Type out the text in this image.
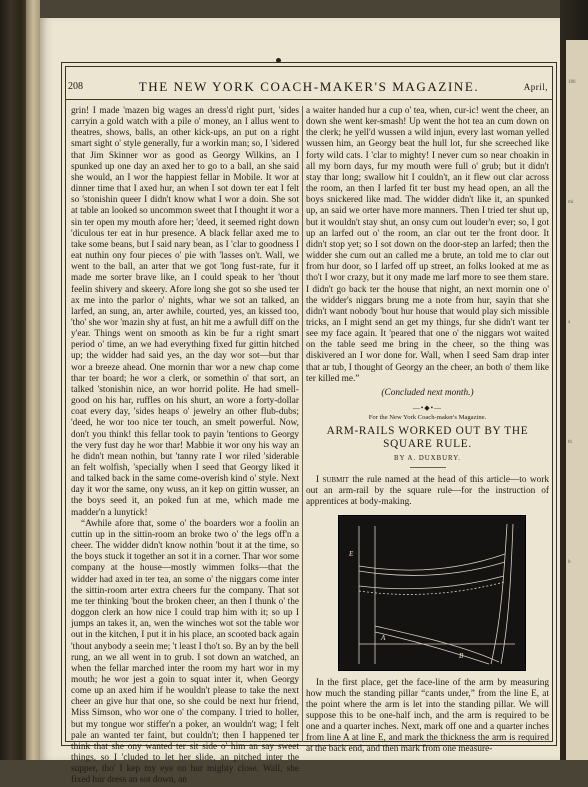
186
mi
a
th
b
208	THE NEW YORK COACH-MAKER'S MAGAZINE.	April,

grin! I made 'mazen big wages an dress'd right purt, 'sides carryin a gold watch with a pile o' money, an I allus went to theatres, shows, balls, an other kick-ups, an put on a right smart sight o' style generally, fur a workin man; so, I 'sidered that Jim Skinner wor as good as Georgy Wilkins, an I spunked up one day an axed her to go to a ball, an she said she would, an I wor the happiest fellar in Mobile. It wor at dinner time that I axed hur, an when I sot down ter eat I felt so 'stonishin queer I didn't know what I wor a doin. She sot at table an looked so uncommon sweet that I thought it wor a sin ter open my mouth afore her; 'deed, it seemed right down 'diculous ter eat in hur presence. A black fellar axed me to take some beans, but I said nary bean, as I 'clar to goodness I eat nuthin ony four pieces o' pie with 'lasses on't. Wall, we went to the ball, an arter that we got 'long fust-rate, fur it made me sorter brave like, an I could speak to her 'thout feelin shivery and skeery. Afore long she got so she used ter ax me into the parlor o' nights, whar we sot an talked, an larfed, an sung, an, arter awhile, courted, yes, an kissed too, 'tho' she wor 'mazin shy at fust, an hit me a awfull diff on the y'ear. Things went on smooth as kin be fur a right smart period o' time, an we had everything fixed fur gittin hitched up; the widder had said yes, an the day wor sot—but thar wor a breeze ahead. One mornin thar wor a new chap come thar ter board; he wor a clerk, or somethin o' that sort, an talked 'stonishin nice, an wor horrid polite. He had smell-good on his har, ruffles on his shurt, an wore a forty-dollar coat every day, 'sides heaps o' jewelry an other flub-dubs; 'deed, he wor too nice ter touch, an smelt powerful. Now, don't you think! this fellar took to payin 'tentions to Georgy the very fust day he wor thar! Mabbie it wor ony his way an he didn't mean nothin, but 'tanny rate I wor riled 'siderable an felt wolfish, 'specially when I seed that Georgy liked it and talked back in the same come-overish kind o' style. Next day it wor the same, ony wuss, an it kep on gittin wusser, an the boys seed it, an poked fun at me, which made me madder'n a lunytick!

“Awhile afore that, some o' the boarders wor a foolin an cuttin up in the sittin-room an broke two o' the legs off'n a cheer. The widder didn't know nothin 'bout it at the time, so the boys stuck it together an sot it in a corner. Thar wor some company at the house—mostly wimmen folks—that the widder had axed in ter tea, an some o' the niggars come inter the sittin-room arter extra cheers fur the company. That sot me ter thinking 'bout the broken cheer, an then I thunk o' the doggon clerk an how nice I could trap him with it; so up I jumps an takes it, an, wen the winches wot sot the table wor out in the kitchen, I put it in his place, an scooted back again 'thout anybody a seein me; 't least I tho't so. By an by the bell rung, an we all went in to grub. I sot down an watched, an when the fellar marched inter the room my hart wor in my mouth; he wor jest a goin to squat inter it, when Georgy come up an axed him if he wouldn't please to take the next cheer an give hur that one, so she could be next hur friend, Miss Simson, who wor one o' the company. I tried to holler, but my tongue wor stiffer'n a poker, an wouldn't wag; I felt pale an wanted ter faint, but couldn't; then I happened ter think that she ony wanted ter sit side o' him an say sweet things, so I 'cluded to let her slide, an pitched inter the supper, tho' I kep my eye on hur mighty close. Wall, she fixed hur dress an sot down, an

a waiter handed hur a cup o' tea, when, cur-ic! went the cheer, an down she went ker-smash! Up went the hot tea an cum down on the clerk; he yell'd wussen a wild injun, every last woman yelled wussen him, an Georgy beat the hull lot, fur she screeched like forty wild cats. I 'clar to mighty! I never cum so near choakin in all my born days, fur my mouth were full o' grub; but it didn't stay thar long; swallow hit I couldn't, an it flew out clar across the room, an then I larfed fit ter bust my head open, an all the boys snickered like mad. The widder didn't like it, an spunked up, an said we orter have more manners. Then I tried ter shut up, but it wouldn't stay shut, an onsy cum out louder'n ever; so, I got up an larfed out o' the room, an clar out ter the front door. It didn't stop yet; so I sot down on the door-step an larfed; then the widder she cum out an called me a brute, an told me to clar out from hur door, so I larfed off up street, an folks looked at me as tho't I wor crazy, but it ony made me larf more to see them stare. I didn't go back ter the house that night, an next mornin one o' the widder's niggars brung me a note from hur, sayin that she didn't want nobody 'bout hur house that would play sich missible tricks, an I might send an get my things, fur she didn't want ter see my face again. It 'peared that one o' the niggars wot waited on the table seed me bring in the cheer, so the thing was diskivered an I wor done for. Wall, when I seed Sam drap inter that ar tub, I thought of Georgy an the cheer, an both o' them like ter killed me.”

(Concluded next month.)

—•◆•—
For the New York Coach-maker's Magazine.

ARM-RAILS WORKED OUT BY THE SQUARE RULE.

BY A. DUXBURY.

I submit the rule named at the head of this article—to work out an arm-rail by the square rule—for the instruction of apprentices at body-making.

E
A
B

In the first place, get the face-line of the arm by measuring how much the standing pillar “cants under,” from the line E, at the point where the arm is let into the standing pillar. We will suppose this to be one-half inch, and the arm is required to be one and a quarter inches. Next, mark off one and a quarter inches from line A at line E, and mark the thickness the arm is required at the back end, and then mark from one measure-
